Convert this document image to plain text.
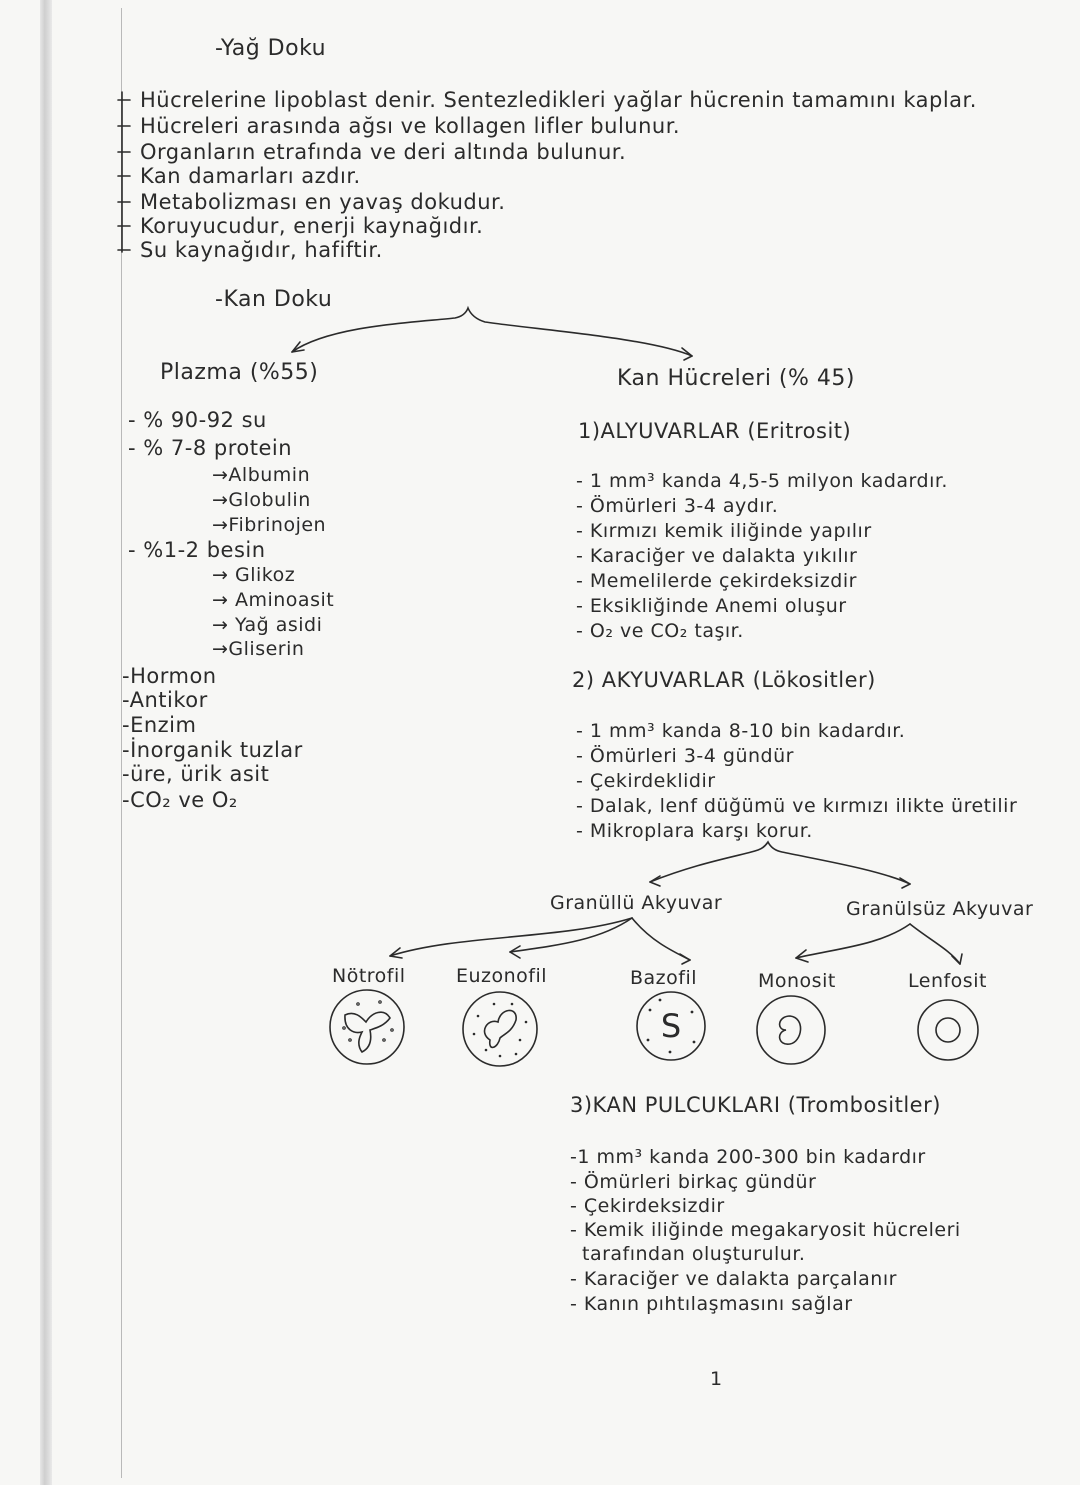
-Yağ Doku
Hücrelerine lipoblast denir. Sentezledikleri yağlar hücrenin tamamını kaplar.
Hücreleri arasında ağsı ve kollagen lifler bulunur.
Organların etrafında ve deri altında bulunur.
Kan damarları azdır.
Metabolizması en yavaş dokudur.
Koruyucudur, enerji kaynağıdır.
Su kaynağıdır, hafiftir.
-Kan Doku
Plazma (%55)
- % 90-92 su
- % 7-8 protein
→Albumin
→Globulin
→Fibrinojen
- %1-2 besin
→ Glikoz
→ Aminoasit
→ Yağ asidi
→Gliserin
-Hormon
-Antikor
-Enzim
-İnorganik tuzlar
-üre, ürik asit
-CO₂ ve O₂
Kan Hücreleri (% 45)
1)ALYUVARLAR (Eritrosit)
- 1 mm³ kanda 4,5-5 milyon kadardır.
- Ömürleri 3-4 aydır.
- Kırmızı kemik iliğinde yapılır
- Karaciğer ve dalakta yıkılır
- Memelilerde çekirdeksizdir
- Eksikliğinde Anemi oluşur
- O₂ ve CO₂ taşır.
2) AKYUVARLAR (Lökositler)
- 1 mm³ kanda 8-10 bin kadardır.
- Ömürleri 3-4 gündür
- Çekirdeklidir
- Dalak, lenf düğümü ve kırmızı ilikte üretilir
- Mikroplara karşı korur.
Granüllü Akyuvar	Granülsüz Akyuvar
Nötrofil	Euzonofil	Bazofil	Monosit	Lenfosit
3)KAN PULCUKLARI (Trombositler)
-1 mm³ kanda 200-300 bin kadardır
- Ömürleri birkaç gündür
- Çekirdeksizdir
- Kemik iliğinde megakaryosit hücreleri
tarafından oluşturulur.
- Karaciğer ve dalakta parçalanır
- Kanın pıhtılaşmasını sağlar
1
S
